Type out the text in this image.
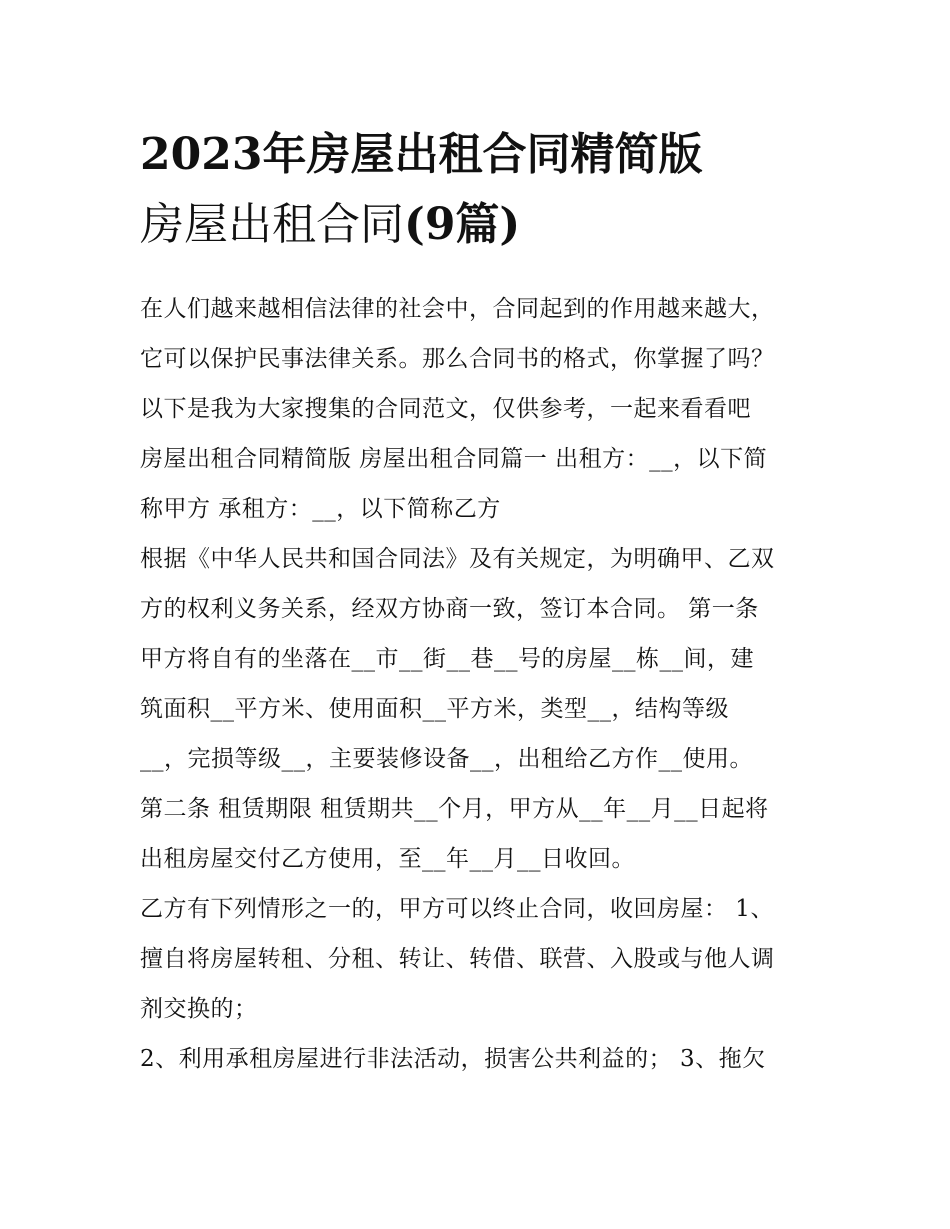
2023年房屋出租合同精简版
房屋出租合同(9篇)
在人们越来越相信法律的社会中，合同起到的作用越来越大，
它可以保护民事法律关系。那么合同书的格式，你掌握了吗？
以下是我为大家搜集的合同范文，仅供参考，一起来看看吧
房屋出租合同精简版 房屋出租合同篇一 出租方：__，以下简
称甲方 承租方：__，以下简称乙方
根据《中华人民共和国合同法》及有关规定，为明确甲、乙双
方的权利义务关系，经双方协商一致，签订本合同。 第一条
甲方将自有的坐落在__市__街__巷__号的房屋__栋__间，建
筑面积__平方米、使用面积__平方米，类型__，结构等级
__，完损等级__，主要装修设备__，出租给乙方作__使用。
第二条 租赁期限 租赁期共__个月，甲方从__年__月__日起将
出租房屋交付乙方使用，至__年__月__日收回。
乙方有下列情形之一的，甲方可以终止合同，收回房屋： 1、
擅自将房屋转租、分租、转让、转借、联营、入股或与他人调
剂交换的；
2、利用承租房屋进行非法活动，损害公共利益的； 3、拖欠
